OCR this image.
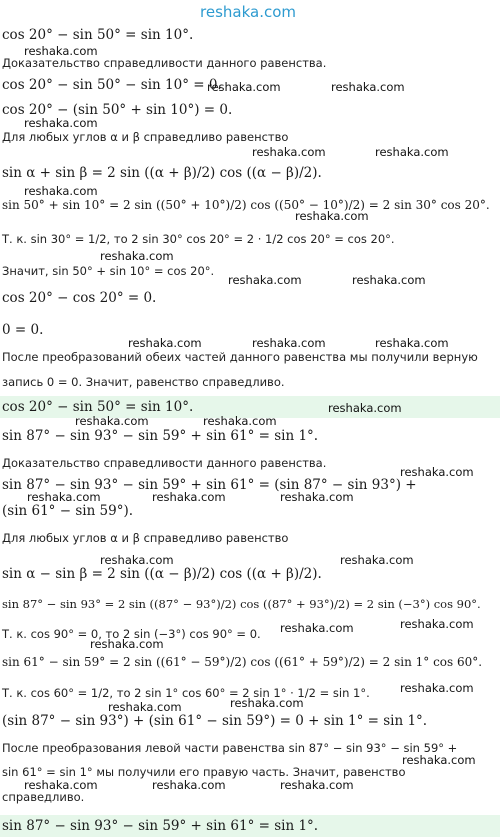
cos 20° − sin 50° = sin 10°.
Доказательство справедливости данного равенства.
cos 20° − sin 50° − sin 10° = 0.
cos 20° − (sin 50° + sin 10°) = 0.
Для любых углов α и β справедливо равенство
sin α + sin β = 2 sin ((α + β)/2) cos ((α − β)/2).
sin 50° + sin 10° = 2 sin ((50° + 10°)/2) cos ((50° − 10°)/2) = 2 sin 30° cos 20°.
Т. к. sin 30° = 1/2, то 2 sin 30° cos 20° = 2 · 1/2 cos 20° = cos 20°.
Значит, sin 50° + sin 10° = cos 20°.
cos 20° − cos 20° = 0.
0 = 0.
После преобразований обеих частей данного равенства мы получили верную
запись 0 = 0. Значит, равенство справедливо.
cos 20° − sin 50° = sin 10°.
sin 87° − sin 93° − sin 59° + sin 61° = sin 1°.
Доказательство справедливости данного равенства.
sin 87° − sin 93° − sin 59° + sin 61° = (sin 87° − sin 93°) +
(sin 61° − sin 59°).
Для любых углов α и β справедливо равенство
sin α − sin β = 2 sin ((α − β)/2) cos ((α + β)/2).
sin 87° − sin 93° = 2 sin ((87° − 93°)/2) cos ((87° + 93°)/2) = 2 sin (−3°) cos 90°.
Т. к. cos 90° = 0, то 2 sin (−3°) cos 90° = 0.
sin 61° − sin 59° = 2 sin ((61° − 59°)/2) cos ((61° + 59°)/2) = 2 sin 1° cos 60°.
Т. к. cos 60° = 1/2, то 2 sin 1° cos 60° = 2 sin 1° · 1/2 = sin 1°.
(sin 87° − sin 93°) + (sin 61° − sin 59°) = 0 + sin 1° = sin 1°.
После преобразования левой части равенства sin 87° − sin 93° − sin 59° +
sin 61° = sin 1° мы получили его правую часть. Значит, равенство
справедливо.
sin 87° − sin 93° − sin 59° + sin 61° = sin 1°.
reshaka.com
reshaka.com
reshaka.com	reshaka.com
reshaka.com
reshaka.com	reshaka.com
reshaka.com
reshaka.com
reshaka.com
reshaka.com	reshaka.com
reshaka.com	reshaka.com	reshaka.com
reshaka.com
reshaka.com	reshaka.com
reshaka.com
reshaka.com	reshaka.com	reshaka.com
reshaka.com	reshaka.com
reshaka.com
reshaka.com
reshaka.com
reshaka.com
reshaka.com	reshaka.com
reshaka.com
reshaka.com	reshaka.com	reshaka.com
